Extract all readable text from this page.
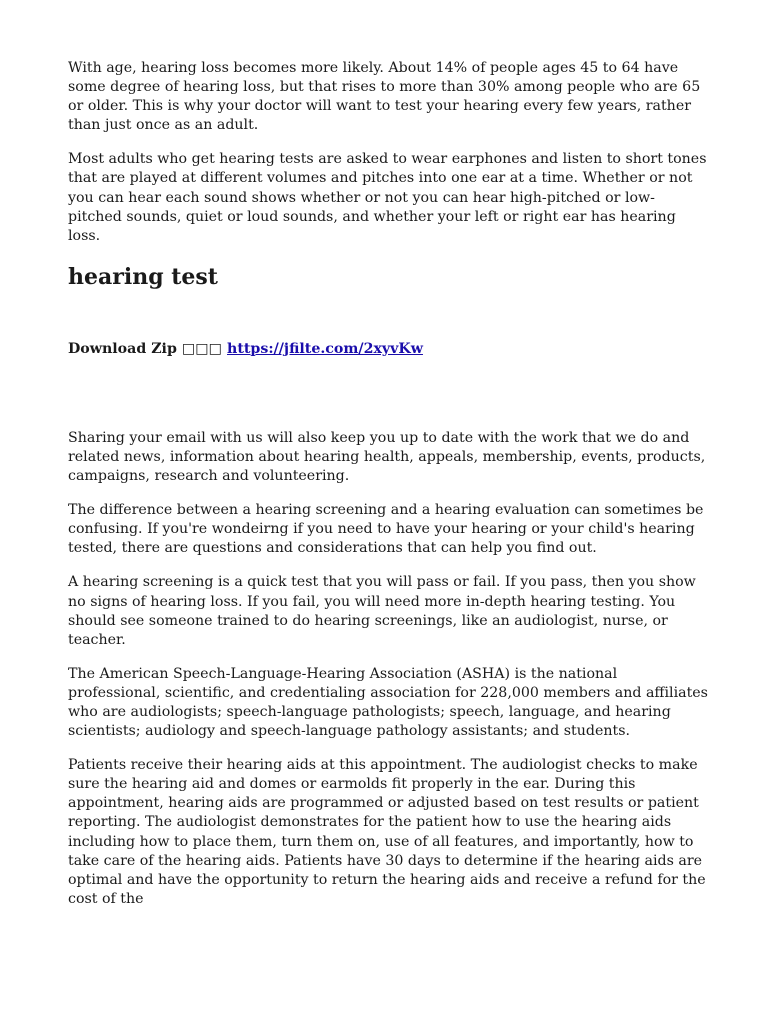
With age, hearing loss becomes more likely. About 14% of people ages 45 to 64 have some degree of hearing loss, but that rises to more than 30% among people who are 65 or older. This is why your doctor will want to test your hearing every few years, rather than just once as an adult.

Most adults who get hearing tests are asked to wear earphones and listen to short tones that are played at different volumes and pitches into one ear at a time. Whether or not you can hear each sound shows whether or not you can hear high-pitched or low-pitched sounds, quiet or loud sounds, and whether your left or right ear has hearing loss.

hearing test
Download Zip □□□ https://jfilte.com/2xyvKw

Sharing your email with us will also keep you up to date with the work that we do and related news, information about hearing health, appeals, membership, events, products, campaigns, research and volunteering.

The difference between a hearing screening and a hearing evaluation can sometimes be confusing. If you're wondeirng if you need to have your hearing or your child's hearing tested, there are questions and considerations that can help you find out.

A hearing screening is a quick test that you will pass or fail. If you pass, then you show no signs of hearing loss. If you fail, you will need more in-depth hearing testing. You should see someone trained to do hearing screenings, like an audiologist, nurse, or teacher.

The American Speech-Language-Hearing Association (ASHA) is the national professional, scientific, and credentialing association for 228,000 members and affiliates who are audiologists; speech-language pathologists; speech, language, and hearing scientists; audiology and speech-language pathology assistants; and students.

Patients receive their hearing aids at this appointment. The audiologist checks to make sure the hearing aid and domes or earmolds fit properly in the ear. During this appointment, hearing aids are programmed or adjusted based on test results or patient reporting. The audiologist demonstrates for the patient how to use the hearing aids including how to place them, turn them on, use of all features, and importantly, how to take care of the hearing aids. Patients have 30 days to determine if the hearing aids are optimal and have the opportunity to return the hearing aids and receive a refund for the cost of the
